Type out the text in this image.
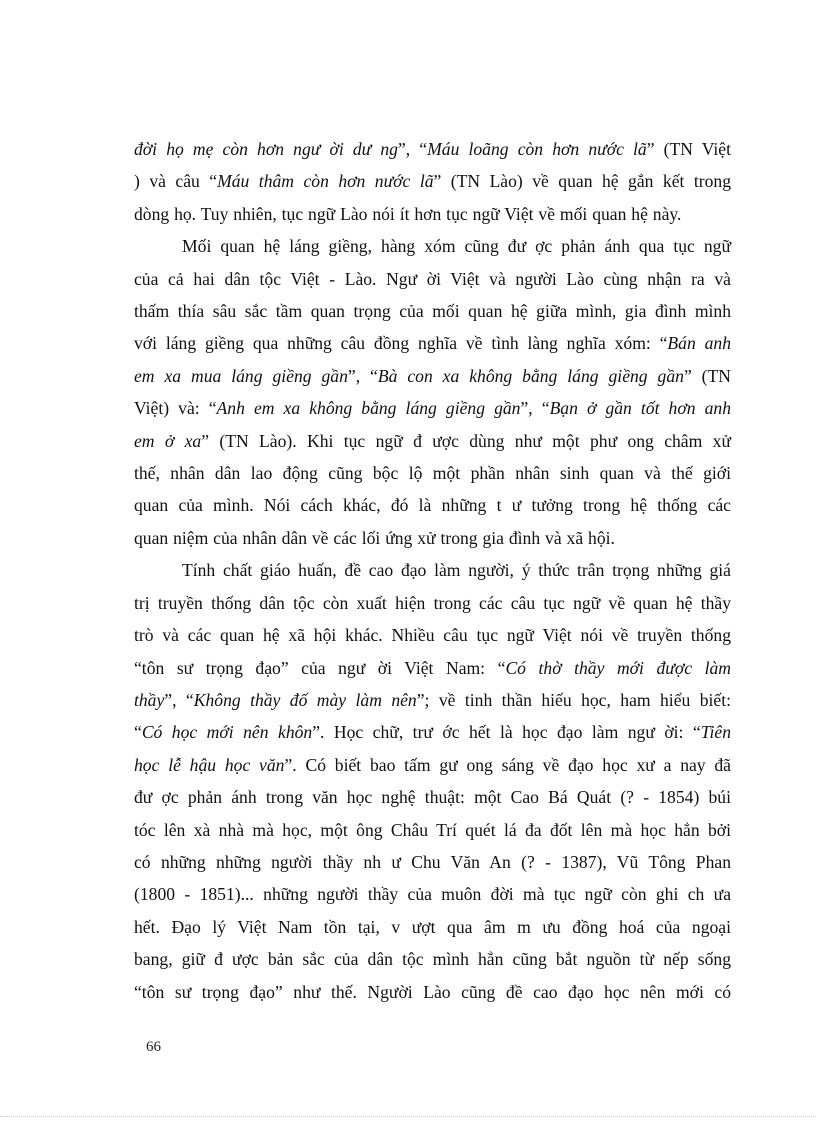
đời họ mẹ còn hơn ngư ời dư ng”, “Máu loãng còn hơn nước lã” (TN Việt
) và câu “Máu thâm còn hơn nước lã” (TN Lào) về quan hệ gắn kết trong
dòng họ. Tuy nhiên, tục ngữ Lào nói ít hơn tục ngữ Việt về mối quan hệ này.

Mối quan hệ láng giềng, hàng xóm cũng đư ợc phản ánh qua tục ngữ
của cả hai dân tộc Việt - Lào. Ngư ời Việt và người Lào cùng nhận ra và
thấm thía sâu sắc tầm quan trọng của mối quan hệ giữa mình, gia đình mình
với láng giềng qua những câu đồng nghĩa về tình làng nghĩa xóm: “Bán anh
em xa mua láng giềng gần”, “Bà con xa không bằng láng giềng gần” (TN
Việt) và: “Anh em xa không bằng láng giềng gần”, “Bạn ở gần tốt hơn anh
em ở xa” (TN Lào). Khi tục ngữ đ ược dùng như một phư ong châm xử
thế, nhân dân lao động cũng bộc lộ một phần nhân sinh quan và thế giới
quan của mình. Nói cách khác, đó là những t ư tưởng trong hệ thống các
quan niệm của nhân dân về các lối ứng xử trong gia đình và xã hội.

Tính chất giáo huấn, đề cao đạo làm người, ý thức trân trọng những giá
trị truyền thống dân tộc còn xuất hiện trong các câu tục ngữ về quan hệ thầy
trò và các quan hệ xã hội khác. Nhiều câu tục ngữ Việt nói về truyền thống
“tôn sư trọng đạo” của ngư ời Việt Nam: “Có thờ thầy mới được làm
thầy”, “Không thầy đố mày làm nên”; về tinh thần hiếu học, ham hiểu biết:
“Có học mới nên khôn”. Học chữ, trư ớc hết là học đạo làm ngư ời: “Tiên
học lễ hậu học văn”. Có biết bao tấm gư ong sáng về đạo học xư a nay đã
đư ợc phản ánh trong văn học nghệ thuật: một Cao Bá Quát (? - 1854) búi
tóc lên xà nhà mà học, một ông Châu Trí quét lá đa đốt lên mà học hẳn bởi
có những những người thầy nh ư Chu Văn An (? - 1387), Vũ Tông Phan
(1800 - 1851)... những người thầy của muôn đời mà tục ngữ còn ghi ch ưa
hết. Đạo lý Việt Nam tồn tại, v ượt qua âm m ưu đồng hoá của ngoại
bang, giữ đ ược bản sắc của dân tộc mình hẳn cũng bắt nguồn từ nếp sống
“tôn sư trọng đạo” như thế. Người Lào cũng đề cao đạo học nên mới có

66
